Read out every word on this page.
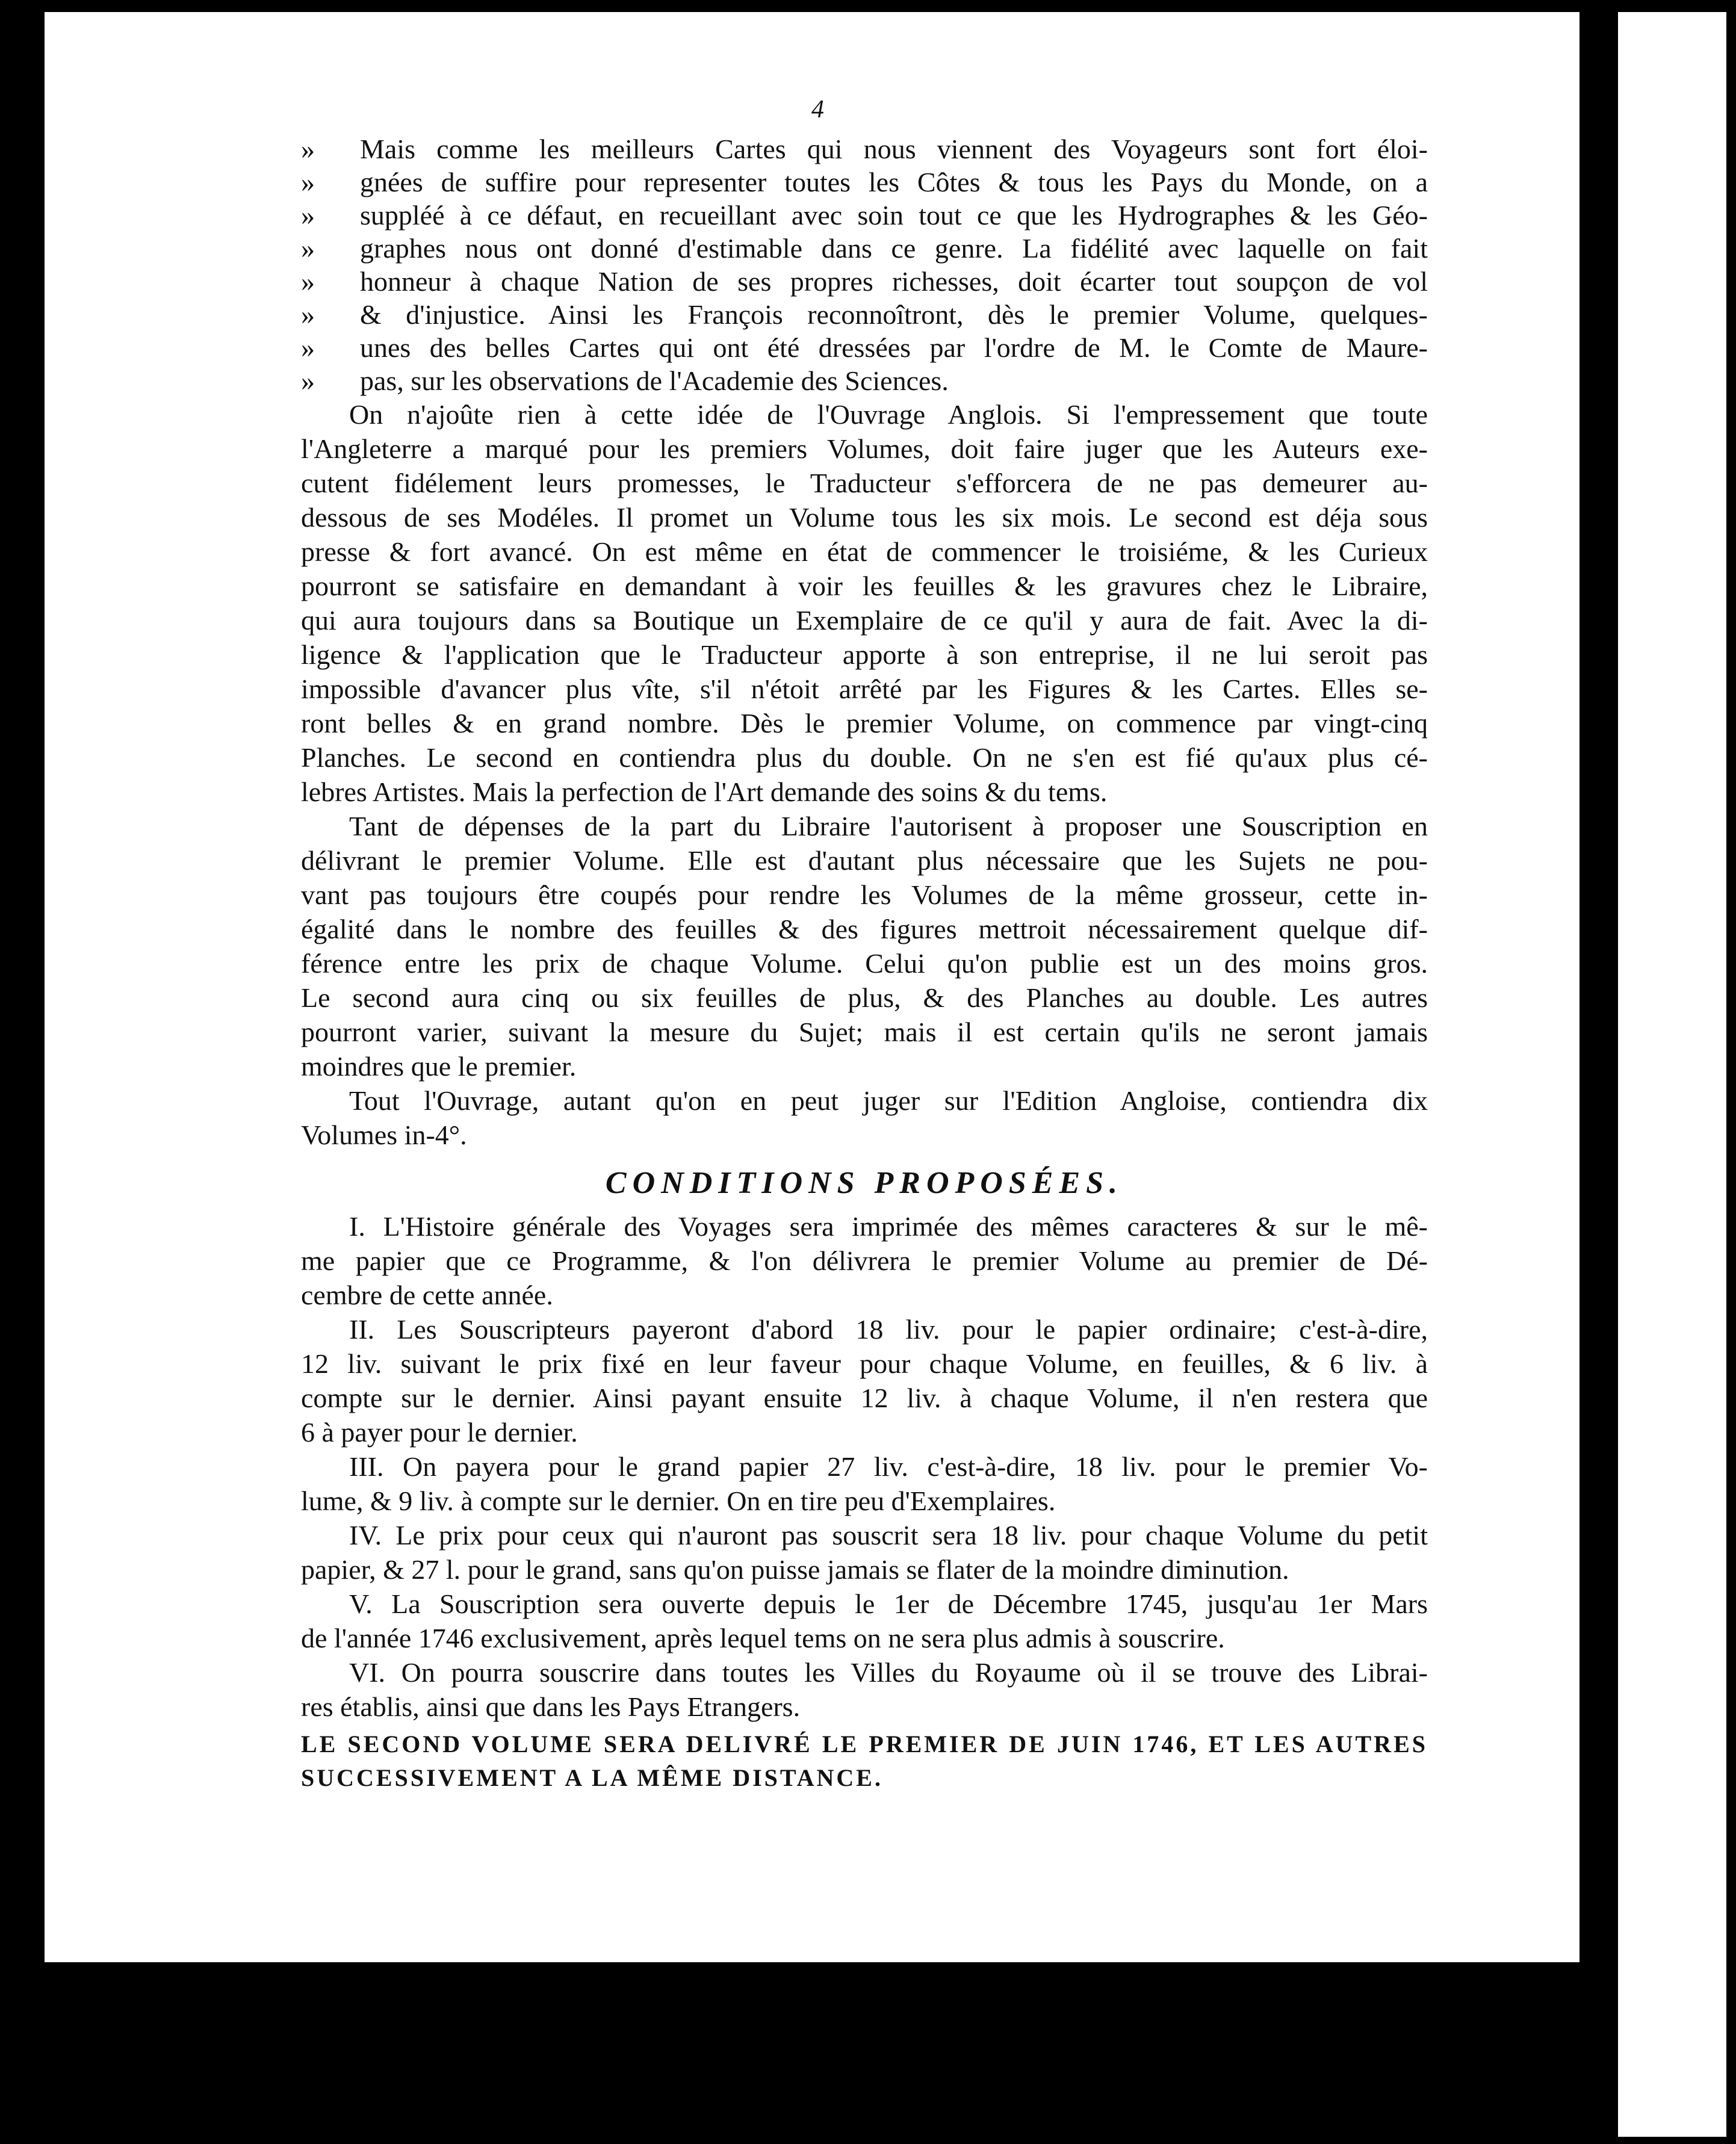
4
»	Mais comme les meilleurs Cartes qui nous viennent des Voyageurs sont fort éloi-
»	gnées de suffire pour representer toutes les Côtes & tous les Pays du Monde, on a
»	suppléé à ce défaut, en recueillant avec soin tout ce que les Hydrographes & les Géo-
»	graphes nous ont donné d'estimable dans ce genre. La fidélité avec laquelle on fait
»	honneur à chaque Nation de ses propres richesses, doit écarter tout soupçon de vol
»	& d'injustice. Ainsi les François reconnoîtront, dès le premier Volume, quelques-
»	unes des belles Cartes qui ont été dressées par l'ordre de M. le Comte de Maure-
»	pas, sur les observations de l'Academie des Sciences.
On n'ajoûte rien à cette idée de l'Ouvrage Anglois. Si l'empressement que toute
l'Angleterre a marqué pour les premiers Volumes, doit faire juger que les Auteurs exe-
cutent fidélement leurs promesses, le Traducteur s'efforcera de ne pas demeurer au-
dessous de ses Modéles. Il promet un Volume tous les six mois. Le second est déja sous
presse & fort avancé. On est même en état de commencer le troisiéme, & les Curieux
pourront se satisfaire en demandant à voir les feuilles & les gravures chez le Libraire,
qui aura toujours dans sa Boutique un Exemplaire de ce qu'il y aura de fait. Avec la di-
ligence & l'application que le Traducteur apporte à son entreprise, il ne lui seroit pas
impossible d'avancer plus vîte, s'il n'étoit arrêté par les Figures & les Cartes. Elles se-
ront belles & en grand nombre. Dès le premier Volume, on commence par vingt-cinq
Planches. Le second en contiendra plus du double. On ne s'en est fié qu'aux plus cé-
lebres Artistes. Mais la perfection de l'Art demande des soins & du tems.
Tant de dépenses de la part du Libraire l'autorisent à proposer une Souscription en
délivrant le premier Volume. Elle est d'autant plus nécessaire que les Sujets ne pou-
vant pas toujours être coupés pour rendre les Volumes de la même grosseur, cette in-
égalité dans le nombre des feuilles & des figures mettroit nécessairement quelque dif-
férence entre les prix de chaque Volume. Celui qu'on publie est un des moins gros.
Le second aura cinq ou six feuilles de plus, & des Planches au double. Les autres
pourront varier, suivant la mesure du Sujet; mais il est certain qu'ils ne seront jamais
moindres que le premier.
Tout l'Ouvrage, autant qu'on en peut juger sur l'Edition Angloise, contiendra dix
Volumes in-4°.
CONDITIONS PROPOSÉES.
I. L'Histoire générale des Voyages sera imprimée des mêmes caracteres & sur le mê-
me papier que ce Programme, & l'on délivrera le premier Volume au premier de Dé-
cembre de cette année.
II. Les Souscripteurs payeront d'abord 18 liv. pour le papier ordinaire; c'est-à-dire,
12 liv. suivant le prix fixé en leur faveur pour chaque Volume, en feuilles, & 6 liv. à
compte sur le dernier. Ainsi payant ensuite 12 liv. à chaque Volume, il n'en restera que
6 à payer pour le dernier.
III. On payera pour le grand papier 27 liv. c'est-à-dire, 18 liv. pour le premier Vo-
lume, & 9 liv. à compte sur le dernier. On en tire peu d'Exemplaires.
IV. Le prix pour ceux qui n'auront pas souscrit sera 18 liv. pour chaque Volume du petit
papier, & 27 l. pour le grand, sans qu'on puisse jamais se flater de la moindre diminution.
V. La Souscription sera ouverte depuis le 1er de Décembre 1745, jusqu'au 1er Mars
de l'année 1746 exclusivement, après lequel tems on ne sera plus admis à souscrire.
VI. On pourra souscrire dans toutes les Villes du Royaume où il se trouve des Librai-
res établis, ainsi que dans les Pays Etrangers.
LE SECOND VOLUME SERA DELIVRÉ LE PREMIER DE JUIN 1746, ET LES AUTRES
SUCCESSIVEMENT A LA MÊME DISTANCE.
